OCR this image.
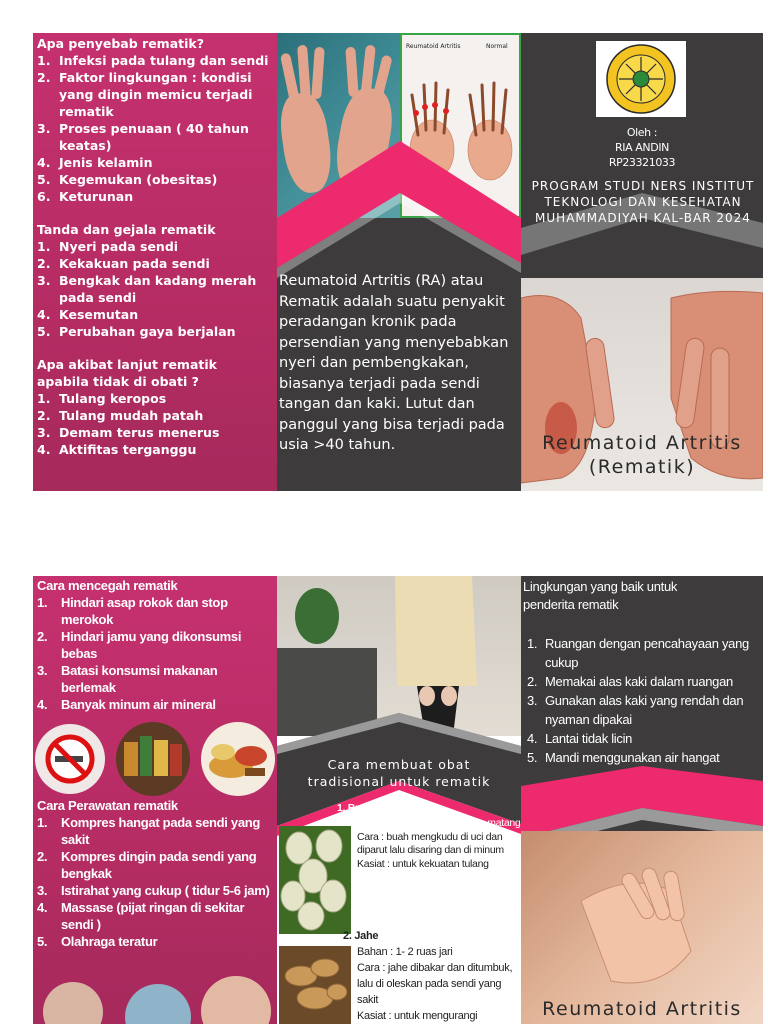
Apa penyebab rematik?
1. Infeksi pada tulang dan sendi
2. Faktor lingkungan : kondisi yang dingin memicu terjadi rematik
3. Proses penuaan ( 40 tahun keatas)
4. Jenis kelamin
5. Kegemukan (obesitas)
6. Keturunan
Tanda dan gejala rematik
1. Nyeri pada sendi
2. Kekakuan pada sendi
3. Bengkak dan kadang merah pada sendi
4. Kesemutan
5. Perubahan gaya berjalan
Apa akibat lanjut rematik apabila tidak di obati ?
1. Tulang keropos
2. Tulang mudah patah
3. Demam terus menerus
4. Aktifitas terganggu
Reumatoid Artritis	Normal
Reumatoid Artritis (RA) atau Rematik adalah suatu penyakit peradangan kronik pada persendian yang menyebabkan nyeri dan pembengkakan, biasanya terjadi pada sendi tangan dan kaki. Lutut dan panggul yang bisa terjadi pada usia >40 tahun.
Oleh :
RIA ANDIN
RP23321033
PROGRAM STUDI NERS INSTITUT TEKNOLOGI DAN KESEHATAN MUHAMMADIYAH KAL-BAR 2024
Reumatoid Artritis
(Rematik)
Cara mencegah rematik
1.	Hindari asap rokok dan stop merokok
2.	Hindari jamu yang dikonsumsi bebas
3.	Batasi konsumsi makanan berlemak
4.	Banyak minum air mineral
Cara Perawatan rematik
1.	Kompres hangat pada sendi yang sakit
2.	Kompres dingin pada sendi yang bengkak
3.	Istirahat yang cukup ( tidur 5-6 jam)
4.	Massase (pijat ringan di sekitar sendi )
5.	Olahraga teratur
Cara membuat obat tradisional untuk rematik
1. Buah mengkudu
Bahan : 2- 3 buah mengkudu matang
Cara : buah mengkudu di uci dan diparut lalu disaring dan di minum
Kasiat : untuk kekuatan tulang
2. Jahe
Bahan : 1- 2 ruas jari
Cara : jahe dibakar dan ditumbuk, lalu di oleskan pada sendi yang sakit
Kasiat : untuk mengurangi
Lingkungan yang baik untuk penderita rematik
1. Ruangan dengan pencahayaan yang cukup
2. Memakai alas kaki dalam ruangan
3. Gunakan alas kaki yang rendah dan nyaman dipakai
4. Lantai tidak licin
5. Mandi menggunakan air hangat
Reumatoid Artritis
